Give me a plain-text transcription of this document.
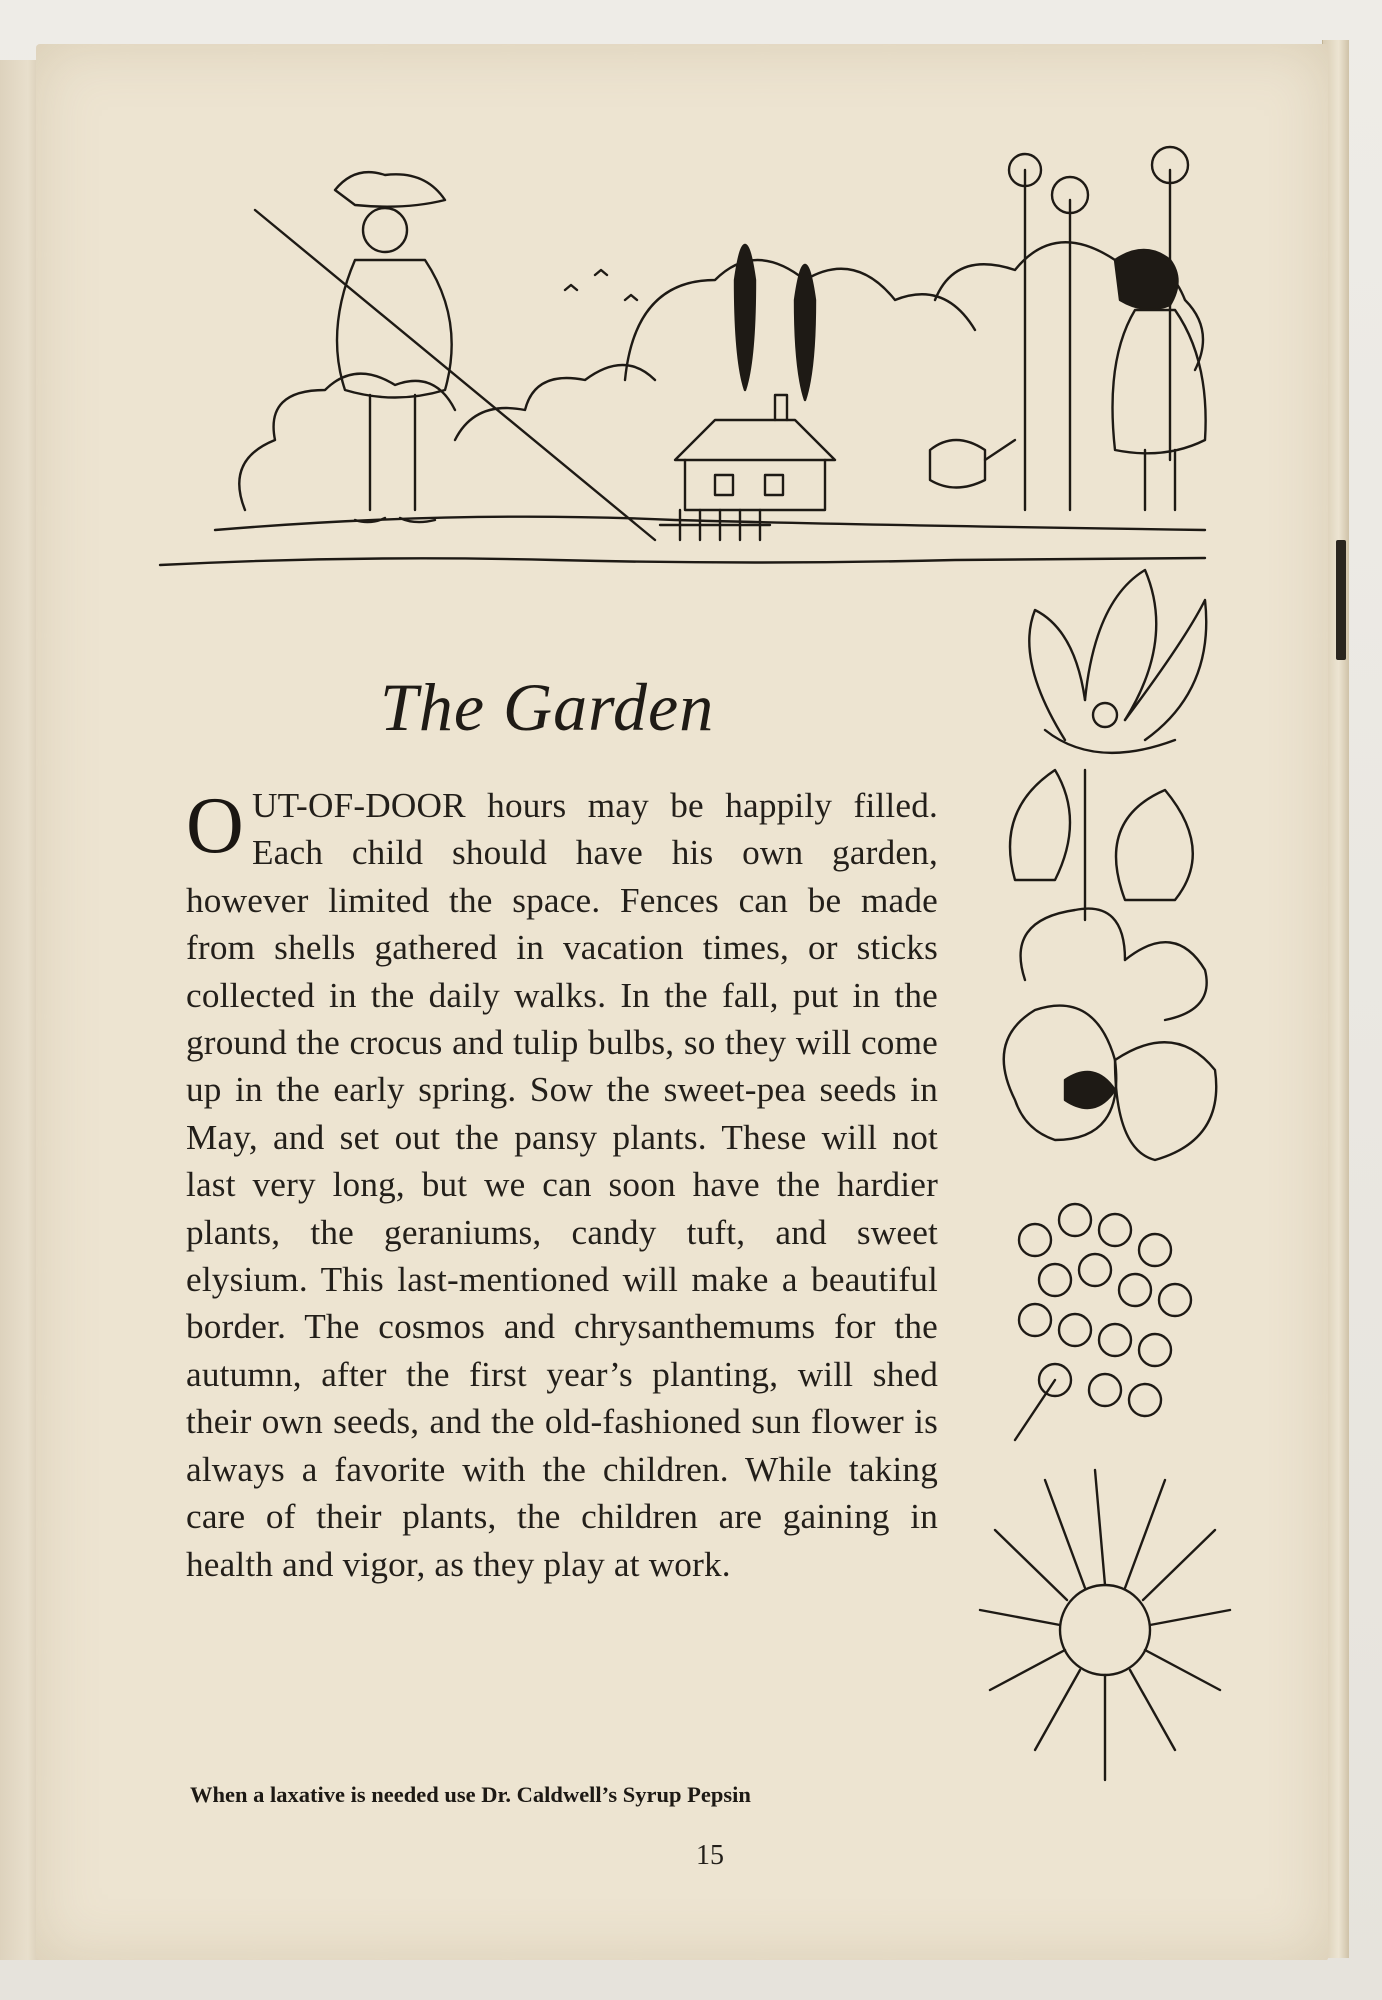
The Garden

OUT-OF-DOOR hours may be happily filled. Each child should have his own garden, however limited the space. Fences can be made from shells gathered in vacation times, or sticks collected in the daily walks. In the fall, put in the ground the crocus and tulip bulbs, so they will come up in the early spring. Sow the sweet-pea seeds in May, and set out the pansy plants. These will not last very long, but we can soon have the hardier plants, the geraniums, candy tuft, and sweet elysium. This last-mentioned will make a beautiful border. The cosmos and chrysanthemums for the autumn, after the first year’s planting, will shed their own seeds, and the old-fashioned sun flower is always a favorite with the children. While taking care of their plants, the children are gaining in health and vigor, as they play at work.

When a laxative is needed use Dr. Caldwell’s Syrup Pepsin

15
